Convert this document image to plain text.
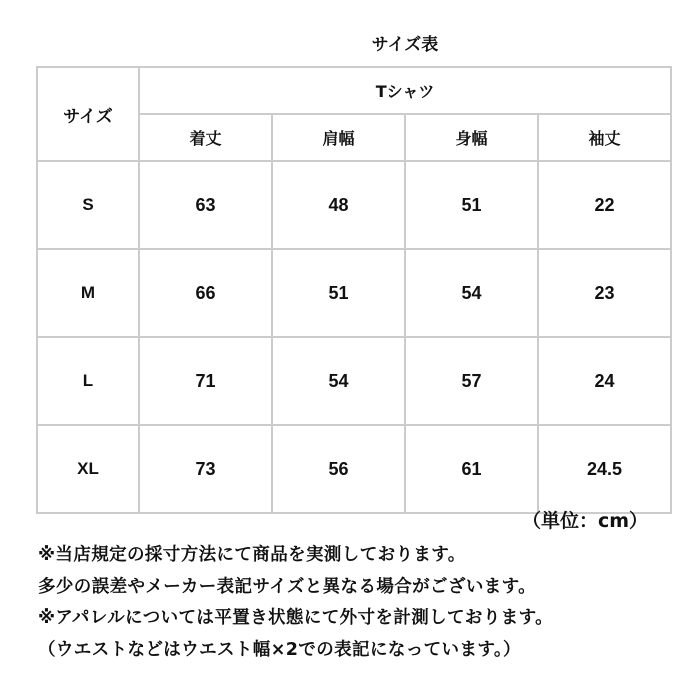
サイズ表
サイズ	Tシャツ			
	着丈	肩幅	身幅	袖丈
S	63	48	51	22
M	66	51	54	23
L	71	54	57	24
XL	73	56	61	24.5
（単位：cm）
※当店規定の採寸方法にて商品を実測しております。
多少の誤差やメーカー表記サイズと異なる場合がございます。
※アパレルについては平置き状態にて外寸を計測しております。
（ウエストなどはウエスト幅×2での表記になっています。）
